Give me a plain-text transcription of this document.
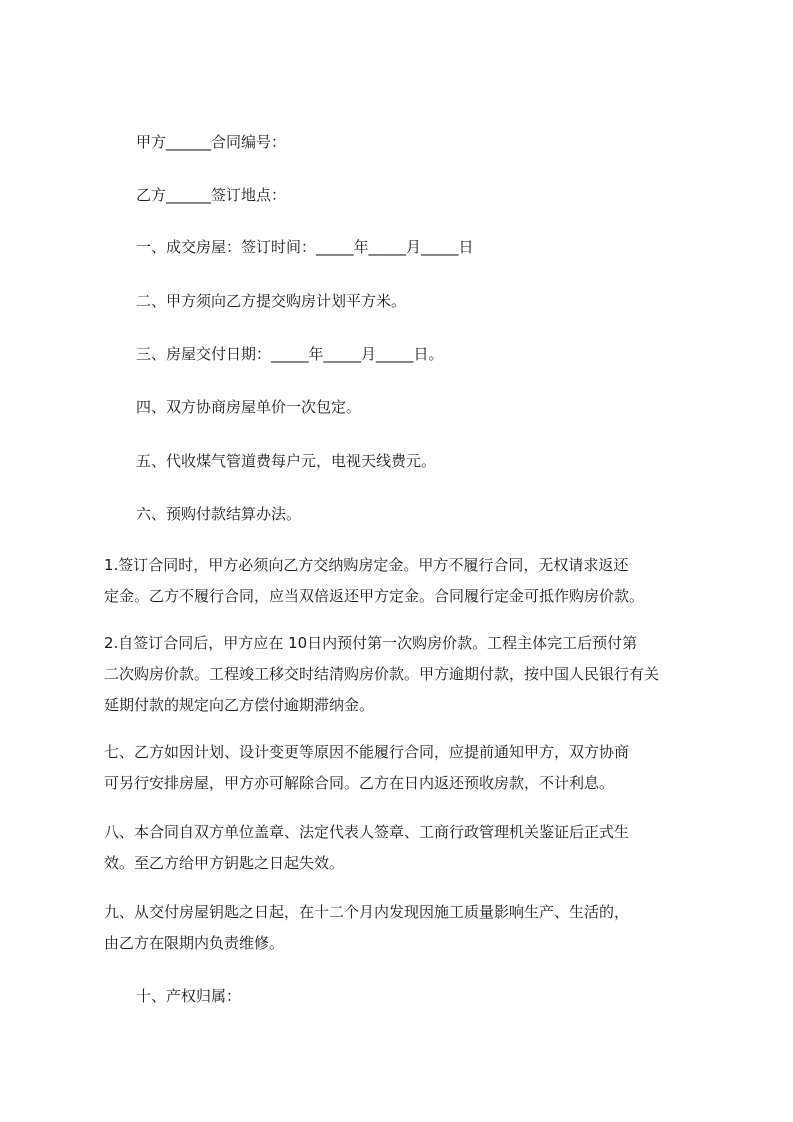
甲方______合同编号：

乙方______签订地点：

一、成交房屋：签订时间：_____年_____月_____日

二、甲方须向乙方提交购房计划平方米。

三、房屋交付日期：_____年_____月_____日。

四、双方协商房屋单价一次包定。

五、代收煤气管道费每户元，电视天线费元。

六、预购付款结算办法。

1.签订合同时，甲方必须向乙方交纳购房定金。甲方不履行合同，无权请求返还
定金。乙方不履行合同，应当双倍返还甲方定金。合同履行定金可抵作购房价款。
2.自签订合同后，甲方应在 10日内预付第一次购房价款。工程主体完工后预付第
二次购房价款。工程竣工移交时结清购房价款。甲方逾期付款，按中国人民银行有关
延期付款的规定向乙方偿付逾期滞纳金。
七、乙方如因计划、设计变更等原因不能履行合同，应提前通知甲方，双方协商
可另行安排房屋，甲方亦可解除合同。乙方在日内返还预收房款，不计利息。
八、本合同自双方单位盖章、法定代表人签章、工商行政管理机关鉴证后正式生
效。至乙方给甲方钥匙之日起失效。
九、从交付房屋钥匙之日起，在十二个月内发现因施工质量影响生产、生活的，
由乙方在限期内负责维修。

十、产权归属：
